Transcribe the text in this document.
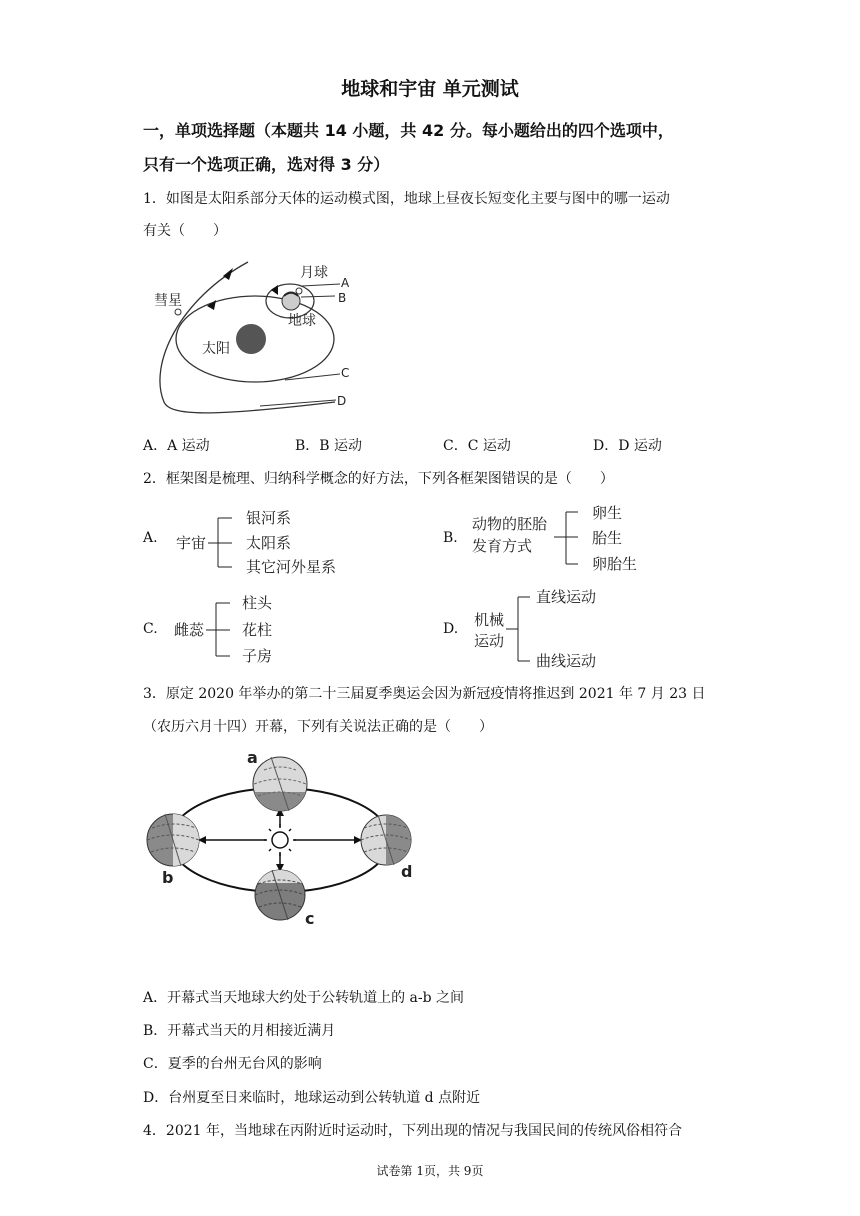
地球和宇宙 单元测试
一，单项选择题（本题共 14 小题，共 42 分。每小题给出的四个选项中，
只有一个选项正确，选对得 3 分）
1．如图是太阳系部分天体的运动模式图，地球上昼夜长短变化主要与图中的哪一运动
有关（　　）
彗星
月球
地球
太阳
A
B
C
D
A．A 运动	B．B 运动	C．C 运动	D．D 运动
2．框架图是梳理、归纳科学概念的好方法，下列各框架图错误的是（　　）
A. 宇宙
银河系
太阳系
其它河外星系
B.
动物的胚胎
发育方式
卵生
胎生
卵胎生
C. 雌蕊
柱头
花柱
子房
D. 机械
运动
直线运动
曲线运动
3．原定 2020 年举办的第二十三届夏季奥运会因为新冠疫情将推迟到 2021 年 7 月 23 日
（农历六月十四）开幕，下列有关说法正确的是（　　）
a
b
c
d
A．开幕式当天地球大约处于公转轨道上的 a-b 之间
B．开幕式当天的月相接近满月
C．夏季的台州无台风的影响
D．台州夏至日来临时，地球运动到公转轨道 d 点附近
4．2021 年，当地球在丙附近时运动时，下列出现的情况与我国民间的传统风俗相符合
试卷第 1页，共 9页
